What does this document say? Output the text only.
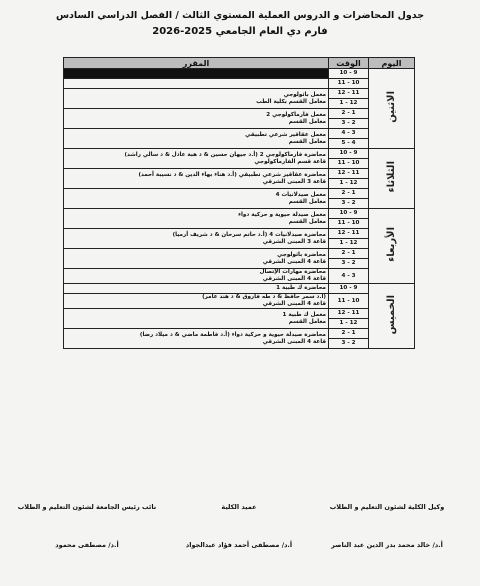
جدول المحاضرات و الدروس العملية المستوي الثالث / الفصل الدراسي السادس
فارم دي العام الجامعي 2025-2026
اليوم	الوقت	المقرر
الاثنين	9 - 10	
	10 - 11	

	11 - 12	معمل باثولوجي
معامل القسم بكلية الطب

	12 - 1	
	1 - 2	معمل فارماكولوجي 2
معامل القسم

	2 - 3	
	3 - 4	معمل عقاقير شرعي تطبيقي
معامل القسم

	4 - 5	
الثلاثاء	9 - 10	محاضرة فارماكولوجي 2 (أ.د جيهان حسين & د هبة عادل & د سالي راشد)
قاعة قسم الفارماكولوجي

	10 - 11	
	11 - 12	محاضرة عقاقير شرعي تطبيقي (أ.د هناء بهاء الدين & د نسيبة أحمد)
قاعة 3 المبنى الشرقي

	12 - 1	
	1 - 2	معمل صيدلانيات 4
معامل القسم

	2 - 3	
الأربعاء	9 - 10	معمل صيدلة حيوية و حركية دواء
معامل القسم

	10 - 11	
	11 - 12	محاضرة صيدلانيات 4 (أ.د حاتم سرحان & د شريف أرميا)
قاعة 3 المبنى الشرقي

	12 - 1	
	1 - 2	محاضرة باثولوجي
قاعة 4 المبنى الشرقي

	2 - 3	
	3 - 4	محاضرة مهارات الإتصال
قاعة 4 المبنى الشرقي

الخميس	9 - 10	محاضرة ك طبية 1

	10 - 11	(أ.د سمر حافظ & د طه فاروق & د هند عامر)
قاعة 4 المبنى الشرقي

	11 - 12	معمل ك طبية 1
معامل القسم

	12 - 1	
	1 - 2	محاضرة صيدلة حيوية و حركية دواء (أ.د فاطمة ماضي & د ميلاد رضا)
قاعة 4 المبنى الشرقي

	2 - 3	
وكيل الكلية لشئون التعليم و الطلاب
أ.د/ خالد محمد بدر الدين عبد الناصر
عميد الكلية
أ.د/ مصطفى أحمد فؤاد عبدالجواد
نائب رئيس الجامعة لشئون التعليم و الطلاب
أ.د/ مصطفى محمود
